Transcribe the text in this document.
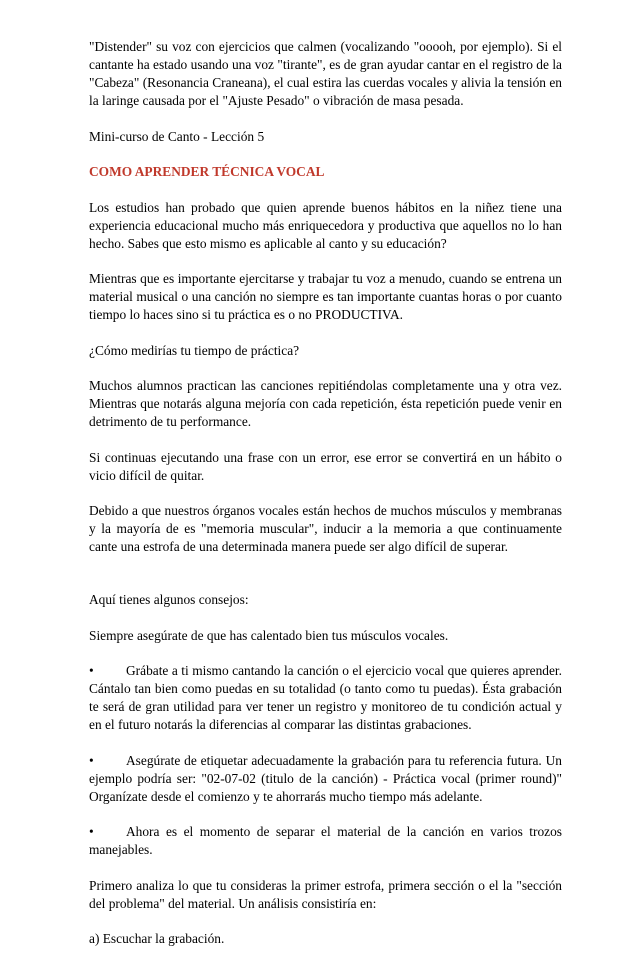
"Distender" su voz con ejercicios que calmen (vocalizando "ooooh, por ejemplo). Si el cantante ha estado usando una voz "tirante", es de gran ayudar cantar en el registro de la "Cabeza" (Resonancia Craneana), el cual estira las cuerdas vocales y alivia la tensión en la laringe causada por el "Ajuste Pesado" o vibración de masa pesada.

Mini-curso de Canto - Lección 5

COMO APRENDER TÉCNICA VOCAL

Los estudios han probado que quien aprende buenos hábitos en la niñez tiene una experiencia educacional mucho más enriquecedora y productiva que aquellos no lo han hecho. Sabes que esto mismo es aplicable al canto y su educación?

Mientras que es importante ejercitarse y trabajar tu voz a menudo, cuando se entrena un material musical o una canción no siempre es tan importante cuantas horas o por cuanto tiempo lo haces sino si tu práctica es o no PRODUCTIVA.

¿Cómo medirías tu tiempo de práctica?

Muchos alumnos practican las canciones repitiéndolas completamente una y otra vez. Mientras que notarás alguna mejoría con cada repetición, ésta repetición puede venir en detrimento de tu performance.

Si continuas ejecutando una frase con un error, ese error se convertirá en un hábito o vicio difícil de quitar.

Debido a que nuestros órganos vocales están hechos de muchos músculos y membranas y la mayoría de es "memoria muscular", inducir a la memoria a que continuamente cante una estrofa de una determinada manera puede ser algo difícil de superar.

Aquí tienes algunos consejos:

Siempre asegúrate de que has calentado bien tus músculos vocales.

• Grábate a ti mismo cantando la canción o el ejercicio vocal que quieres aprender. Cántalo tan bien como puedas en su totalidad (o tanto como tu puedas). Ésta grabación te será de gran utilidad para ver tener un registro y monitoreo de tu condición actual y en el futuro notarás la diferencias al comparar las distintas grabaciones.

• Asegúrate de etiquetar adecuadamente la grabación para tu referencia futura. Un ejemplo podría ser: "02-07-02 (titulo de la canción) - Práctica vocal (primer round)" Organízate desde el comienzo y te ahorrarás mucho tiempo más adelante.

• Ahora es el momento de separar el material de la canción en varios trozos manejables.

Primero analiza lo que tu consideras la primer estrofa, primera sección o el la "sección del problema" del material. Un análisis consistiría en:

a) Escuchar la grabación.
